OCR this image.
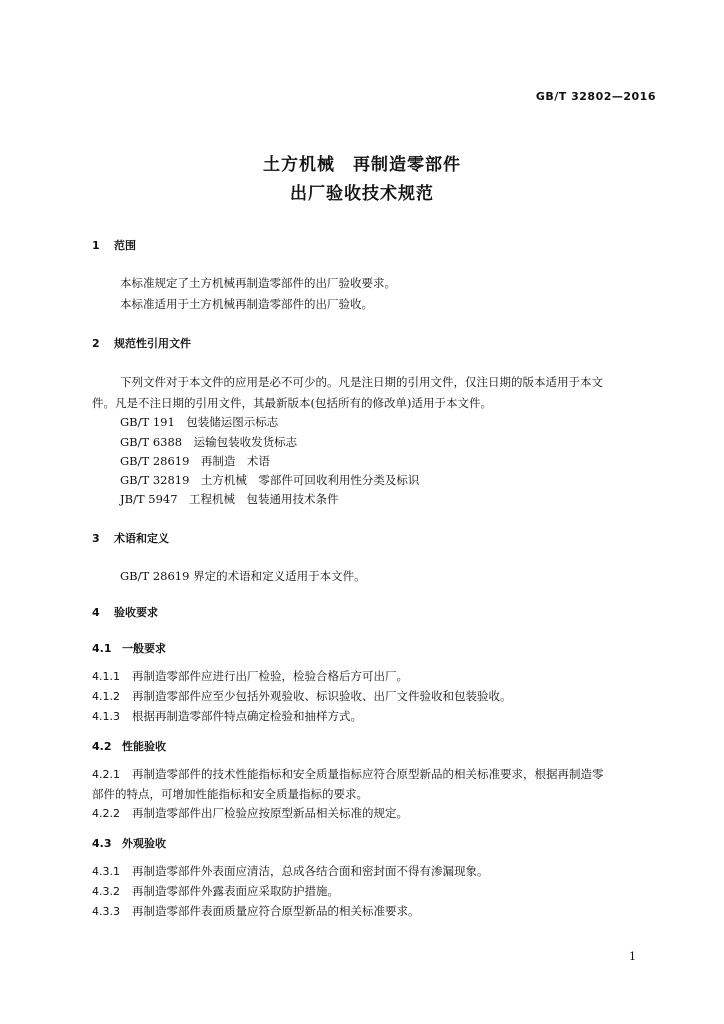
GB/T 32802—2016
土方机械　再制造零部件
出厂验收技术规范
1 范围
本标准规定了土方机械再制造零部件的出厂验收要求。
本标准适用于土方机械再制造零部件的出厂验收。
2 规范性引用文件
下列文件对于本文件的应用是必不可少的。凡是注日期的引用文件，仅注日期的版本适用于本文
件。凡是不注日期的引用文件，其最新版本(包括所有的修改单)适用于本文件。
GB/T 191　包装储运图示标志
GB/T 6388　运输包装收发货标志
GB/T 28619　再制造　术语
GB/T 32819　土方机械　零部件可回收利用性分类及标识
JB/T 5947　工程机械　包装通用技术条件
3 术语和定义
GB/T 28619 界定的术语和定义适用于本文件。
4 验收要求
4.1 一般要求
4.1.1 再制造零部件应进行出厂检验，检验合格后方可出厂。
4.1.2 再制造零部件应至少包括外观验收、标识验收、出厂文件验收和包装验收。
4.1.3 根据再制造零部件特点确定检验和抽样方式。
4.2 性能验收
4.2.1 再制造零部件的技术性能指标和安全质量指标应符合原型新品的相关标准要求，根据再制造零
部件的特点，可增加性能指标和安全质量指标的要求。
4.2.2 再制造零部件出厂检验应按原型新品相关标准的规定。
4.3 外观验收
4.3.1 再制造零部件外表面应清洁，总成各结合面和密封面不得有渗漏现象。
4.3.2 再制造零部件外露表面应采取防护措施。
4.3.3 再制造零部件表面质量应符合原型新品的相关标准要求。
1
